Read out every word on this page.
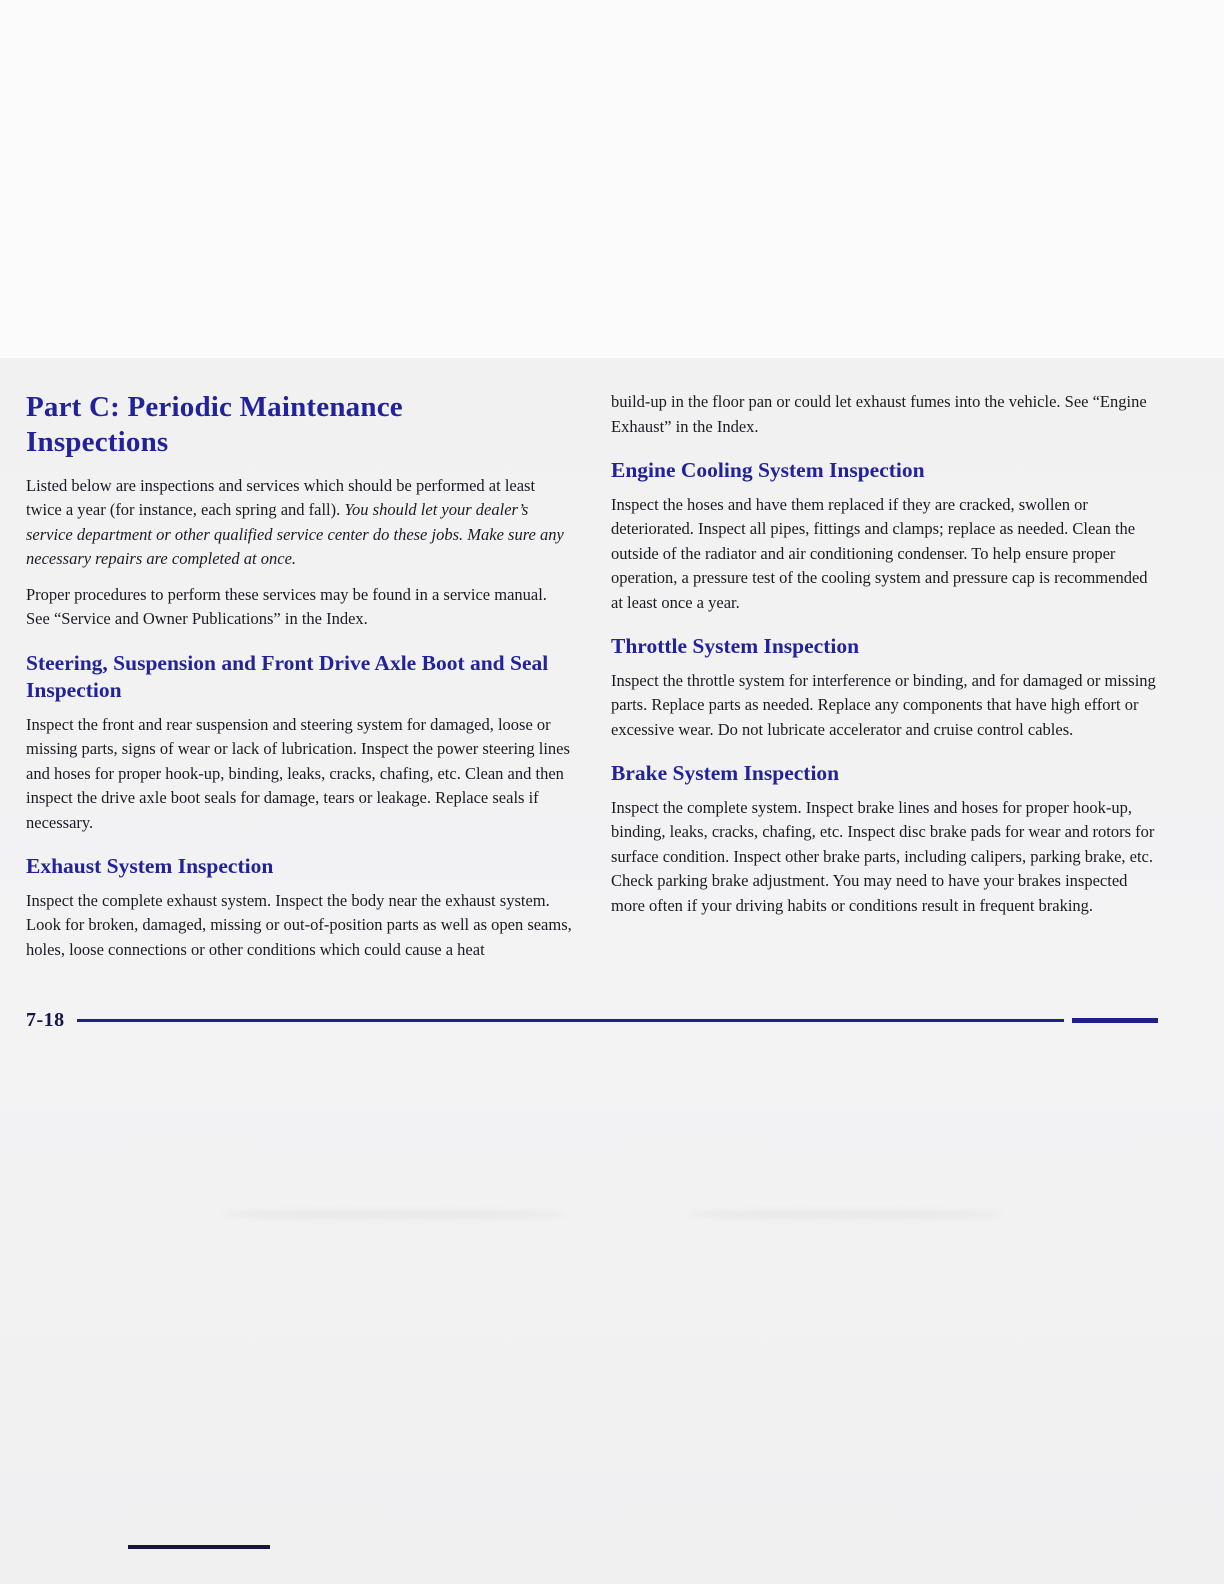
Part C: Periodic Maintenance Inspections

Listed below are inspections and services which should be performed at least twice a year (for instance, each spring and fall). You should let your dealer’s service department or other qualified service center do these jobs. Make sure any necessary repairs are completed at once.

Proper procedures to perform these services may be found in a service manual. See “Service and Owner Publications” in the Index.

Steering, Suspension and Front Drive Axle Boot and Seal Inspection

Inspect the front and rear suspension and steering system for damaged, loose or missing parts, signs of wear or lack of lubrication. Inspect the power steering lines and hoses for proper hook-up, binding, leaks, cracks, chafing, etc. Clean and then inspect the drive axle boot seals for damage, tears or leakage. Replace seals if necessary.

Exhaust System Inspection

Inspect the complete exhaust system. Inspect the body near the exhaust system. Look for broken, damaged, missing or out-of-position parts as well as open seams, holes, loose connections or other conditions which could cause a heat

build-up in the floor pan or could let exhaust fumes into the vehicle. See “Engine Exhaust” in the Index.

Engine Cooling System Inspection

Inspect the hoses and have them replaced if they are cracked, swollen or deteriorated. Inspect all pipes, fittings and clamps; replace as needed. Clean the outside of the radiator and air conditioning condenser. To help ensure proper operation, a pressure test of the cooling system and pressure cap is recommended at least once a year.

Throttle System Inspection

Inspect the throttle system for interference or binding, and for damaged or missing parts. Replace parts as needed. Replace any components that have high effort or excessive wear. Do not lubricate accelerator and cruise control cables.

Brake System Inspection

Inspect the complete system. Inspect brake lines and hoses for proper hook-up, binding, leaks, cracks, chafing, etc. Inspect disc brake pads for wear and rotors for surface condition. Inspect other brake parts, including calipers, parking brake, etc. Check parking brake adjustment. You may need to have your brakes inspected more often if your driving habits or conditions result in frequent braking.

7-18
